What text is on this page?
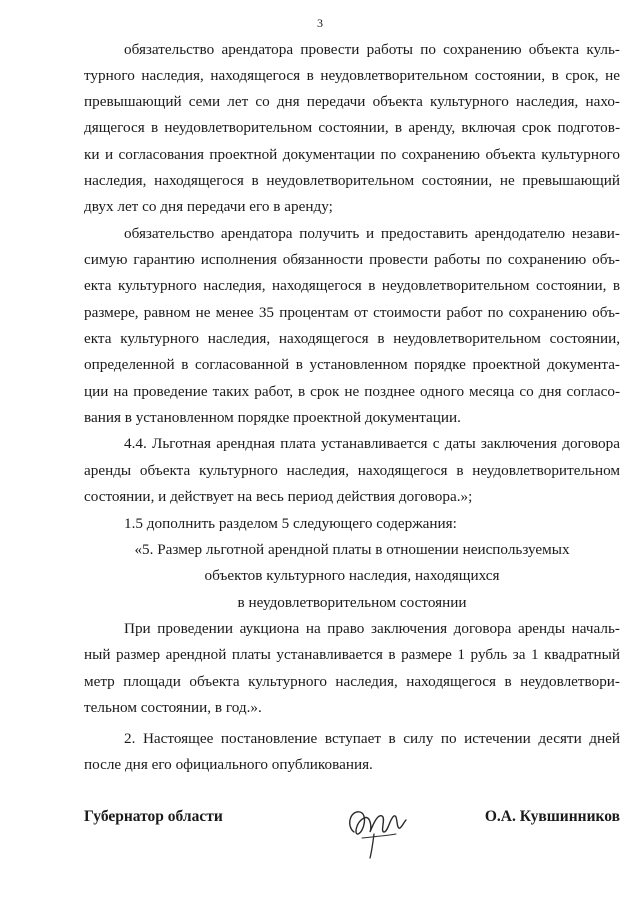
3
обязательство арендатора провести работы по сохранению объекта куль-
турного наследия, находящегося в неудовлетворительном состоянии, в срок, не
превышающий семи лет со дня передачи объекта культурного наследия, нахо-
дящегося в неудовлетворительном состоянии, в аренду, включая срок подготов-
ки и согласования проектной документации по сохранению объекта культурного
наследия, находящегося в неудовлетворительном состоянии, не превышающий
двух лет со дня передачи его в аренду;
обязательство арендатора получить и предоставить арендодателю незави-
симую гарантию исполнения обязанности провести работы по сохранению объ-
екта культурного наследия, находящегося в неудовлетворительном состоянии, в
размере, равном не менее 35 процентам от стоимости работ по сохранению объ-
екта культурного наследия, находящегося в неудовлетворительном состоянии,
определенной в согласованной в установленном порядке проектной документа-
ции на проведение таких работ, в срок не позднее одного месяца со дня согласо-
вания в установленном порядке проектной документации.
4.4. Льготная арендная плата устанавливается с даты заключения договора
аренды объекта культурного наследия, находящегося в неудовлетворительном
состоянии, и действует на весь период действия договора.»;
1.5 дополнить разделом 5 следующего содержания:
«5. Размер льготной арендной платы в отношении неиспользуемых
объектов культурного наследия, находящихся
в неудовлетворительном состоянии
При проведении аукциона на право заключения договора аренды началь-
ный размер арендной платы устанавливается в размере 1 рубль за 1 квадратный
метр площади объекта культурного наследия, находящегося в неудовлетвори-
тельном состоянии, в год.».
2. Настоящее постановление вступает в силу по истечении десяти дней
после дня его официального опубликования.
Губернатор области	О.А. Кувшинников
